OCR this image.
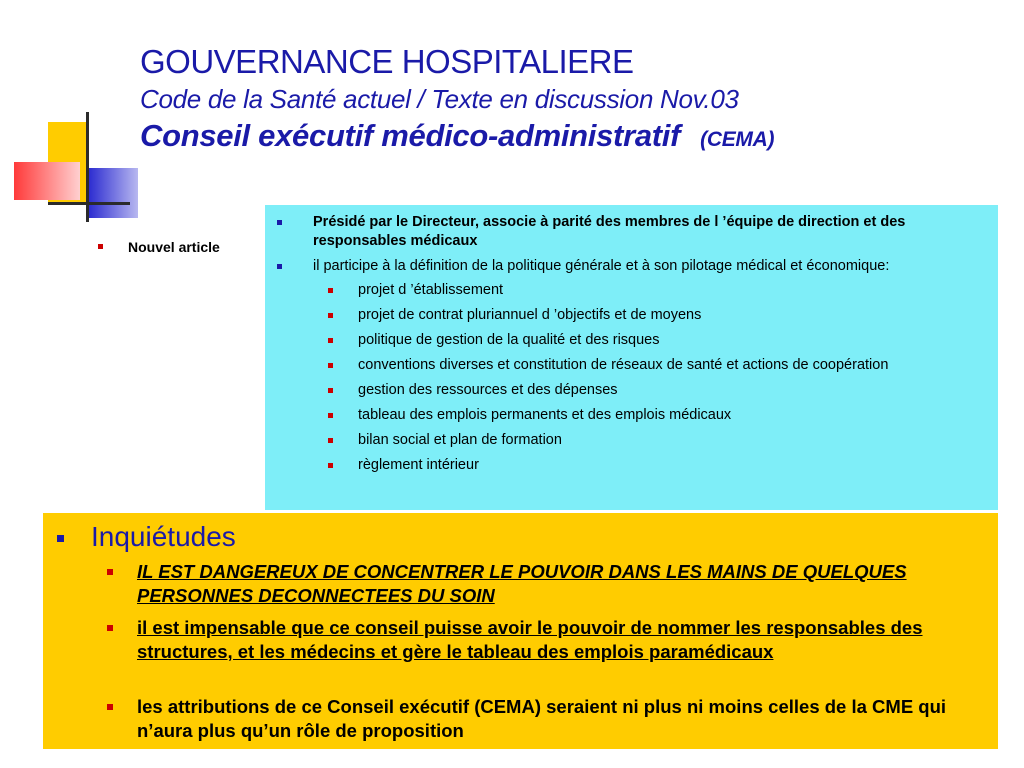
GOUVERNANCE HOSPITALIERE
Code de la Santé actuel / Texte en discussion Nov.03
Conseil exécutif médico-administratif (CEMA)
Nouvel article
Présidé par le Directeur, associe à parité des membres de l ’équipe de direction et des responsables médicaux
il participe à la définition de la politique générale et à son pilotage médical et économique:
projet d ’établissement
projet de contrat pluriannuel d ’objectifs et de moyens
politique de gestion de la qualité et des risques
conventions diverses et constitution de réseaux de santé et actions de coopération
gestion des ressources et des dépenses
tableau des emplois permanents et des emplois médicaux
bilan social et plan de formation
règlement intérieur
Inquiétudes
IL EST DANGEREUX DE CONCENTRER LE POUVOIR DANS LES MAINS DE QUELQUES PERSONNES DECONNECTEES DU SOIN
il est impensable que ce conseil puisse avoir le pouvoir de nommer les responsables des structures, et les médecins et gère le tableau des emplois paramédicaux
les attributions de ce Conseil exécutif (CEMA) seraient ni plus ni moins celles de la CME qui n’aura plus qu’un rôle de proposition
